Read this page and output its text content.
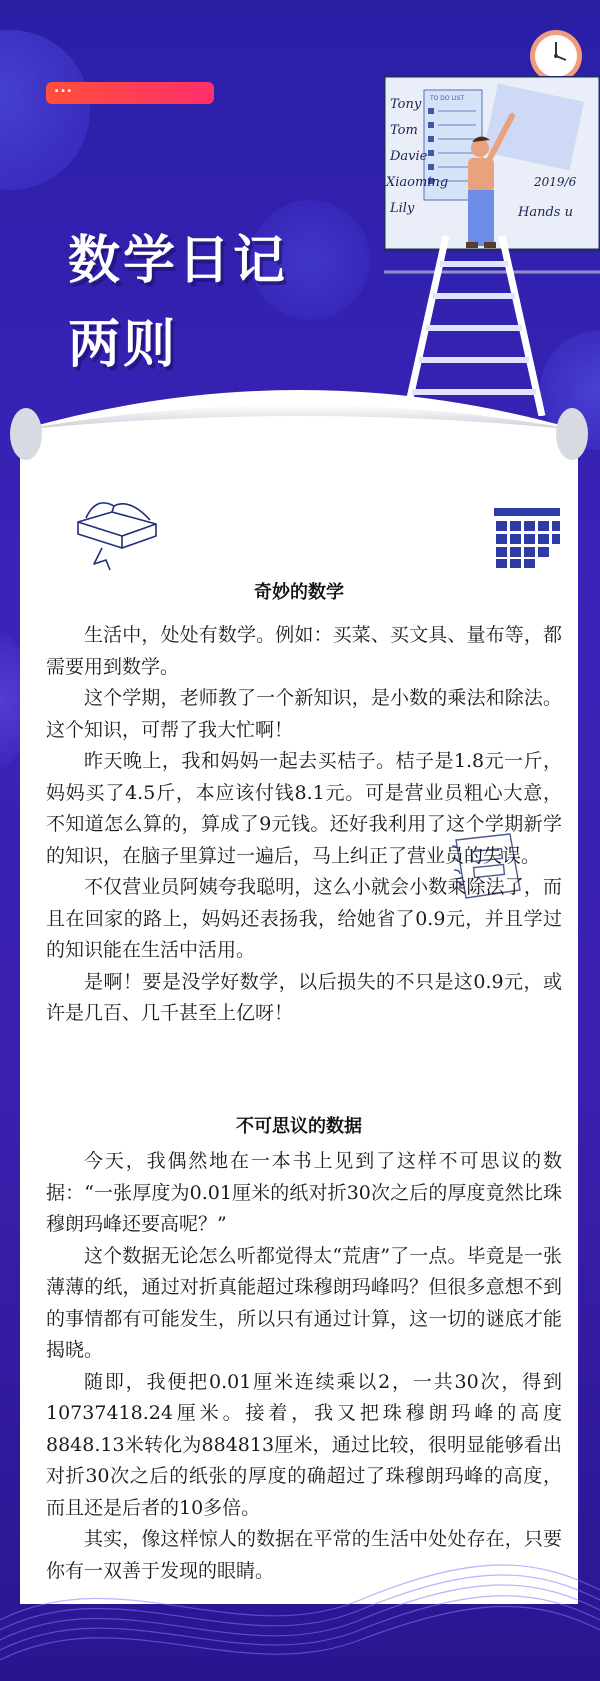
...
数学日记
两则
TO DO LIST
Tony
Tom
Davie
Xiaoming
Lily
2019/6
Hands u
奇妙的数学

生活中，处处有数学。例如：买菜、买文具、量布等，都需要用到数学。

这个学期，老师教了一个新知识，是小数的乘法和除法。这个知识，可帮了我大忙啊！

昨天晚上，我和妈妈一起去买桔子。桔子是1.8元一斤，妈妈买了4.5斤，本应该付钱8.1元。可是营业员粗心大意，不知道怎么算的，算成了9元钱。还好我利用了这个学期新学的知识，在脑子里算过一遍后，马上纠正了营业员的失误。

不仅营业员阿姨夸我聪明，这么小就会小数乘除法了，而且在回家的路上，妈妈还表扬我，给她省了0.9元，并且学过的知识能在生活中活用。

是啊！要是没学好数学，以后损失的不只是这0.9元，或许是几百、几千甚至上亿呀！

不可思议的数据

今天，我偶然地在一本书上见到了这样不可思议的数据：“一张厚度为0.01厘米的纸对折30次之后的厚度竟然比珠穆朗玛峰还要高呢？”

这个数据无论怎么听都觉得太“荒唐”了一点。毕竟是一张薄薄的纸，通过对折真能超过珠穆朗玛峰吗？但很多意想不到的事情都有可能发生，所以只有通过计算，这一切的谜底才能揭晓。

随即，我便把0.01厘米连续乘以2，一共30次，得到10737418.24厘米。接着，我又把珠穆朗玛峰的高度8848.13米转化为884813厘米，通过比较，很明显能够看出对折30次之后的纸张的厚度的确超过了珠穆朗玛峰的高度，而且还是后者的10多倍。

其实，像这样惊人的数据在平常的生活中处处存在，只要你有一双善于发现的眼睛。
